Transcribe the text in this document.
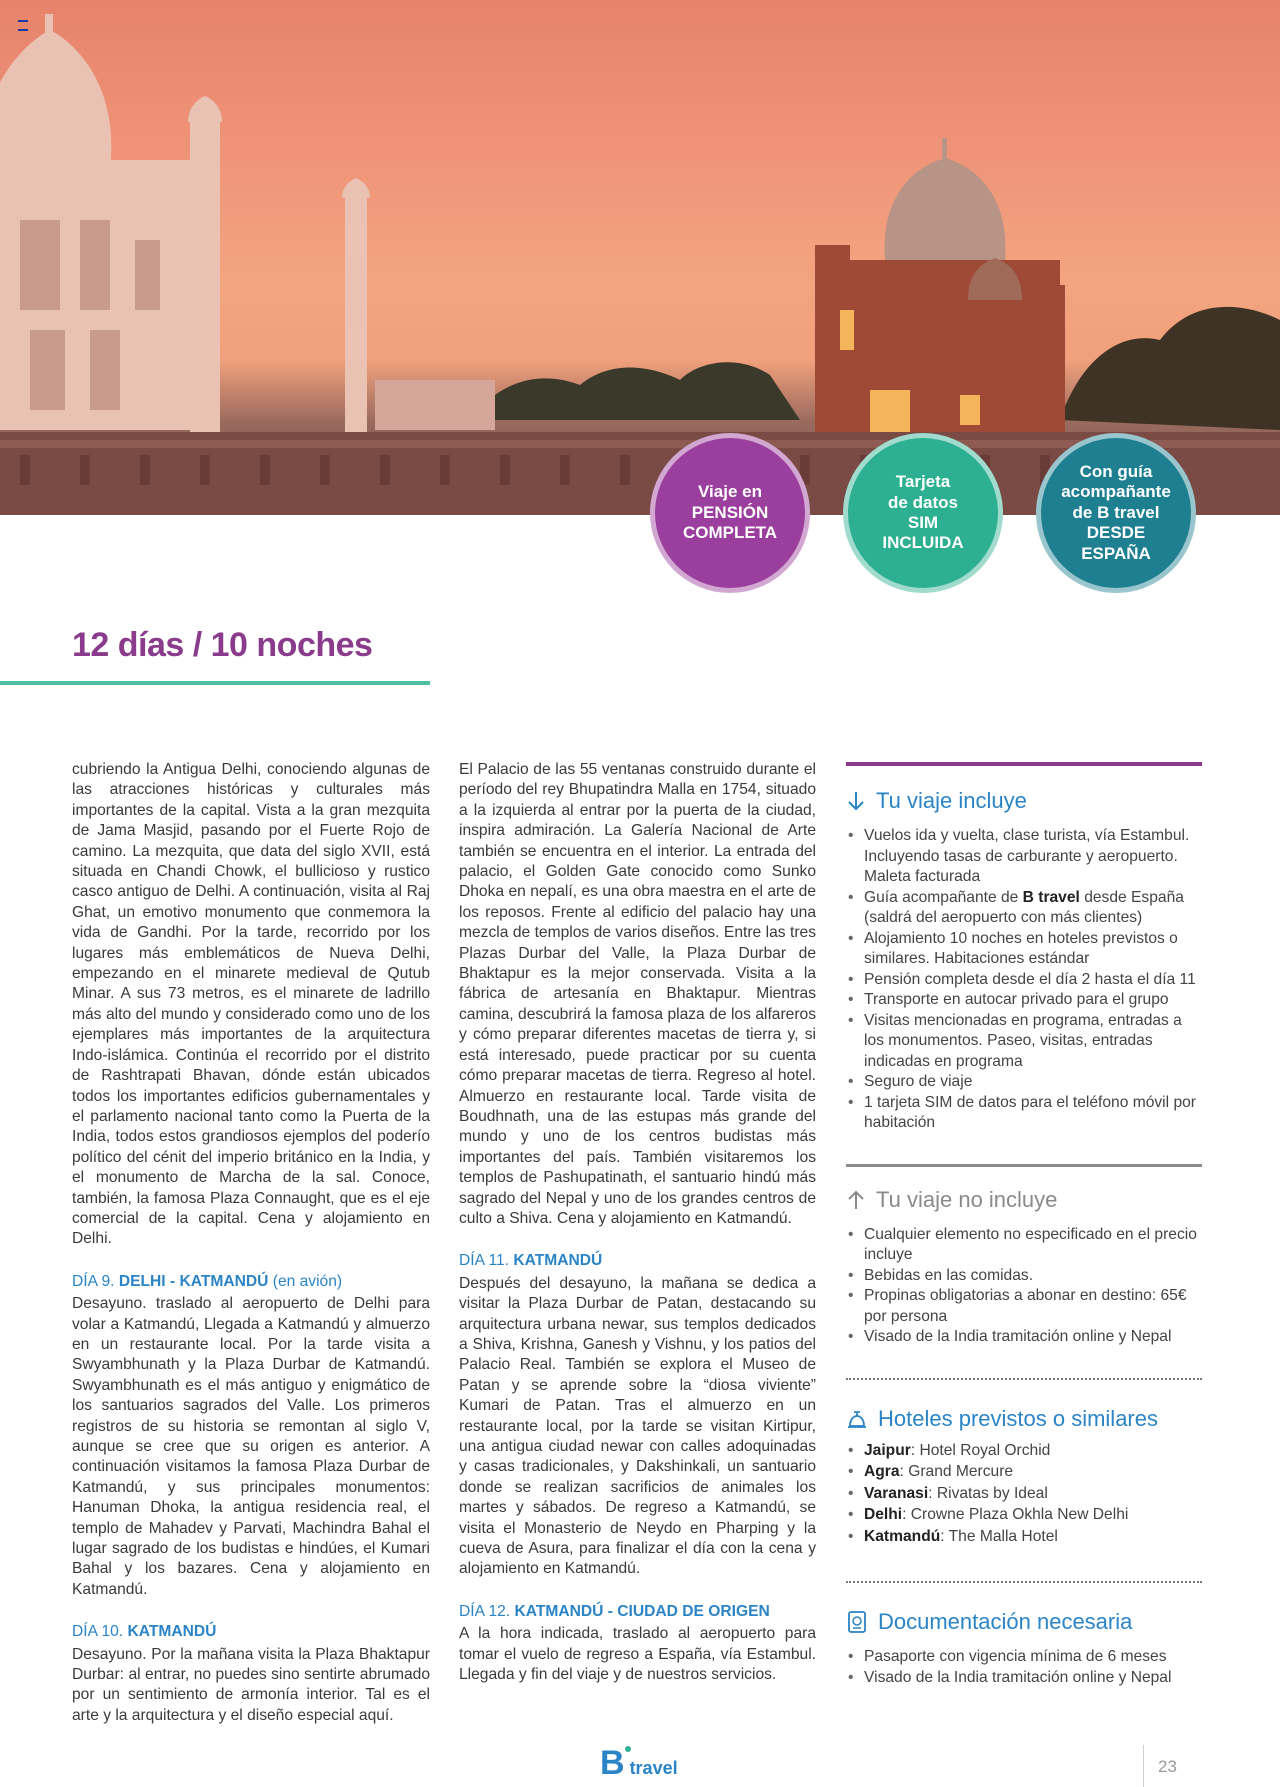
Viaje en
PENSIÓN
COMPLETA
Tarjeta
de datos
SIM
INCLUIDA
Con guía
acompañante
de B travel
DESDE
ESPAÑA
12 días / 10 noches

cubriendo la Antigua Delhi, conociendo algunas de las atracciones históricas y culturales más importantes de la capital. Vista a la gran mezquita de Jama Masjid, pasando por el Fuerte Rojo de camino. La mezquita, que data del siglo XVII, está situada en Chandi Chowk, el bullicioso y rustico casco antiguo de Delhi. A continuación, visita al Raj Ghat, un emotivo monumento que conmemora la vida de Gandhi. Por la tarde, recorrido por los lugares más emblemáticos de Nueva Delhi, empezando en el minarete medieval de Qutub Minar. A sus 73 metros, es el minarete de ladrillo más alto del mundo y considerado como uno de los ejemplares más importantes de la arquitectura Indo-islámica. Continúa el recorrido por el distrito de Rashtrapati Bhavan, dónde están ubicados todos los importantes edificios gubernamentales y el parlamento nacional tanto como la Puerta de la India, todos estos grandiosos ejemplos del poderío político del cénit del imperio británico en la India, y el monumento de Marcha de la sal. Conoce, también, la famosa Plaza Connaught, que es el eje comercial de la capital. Cena y alojamiento en Delhi.

DÍA 9. DELHI - KATMANDÚ (en avión)

Desayuno. traslado al aeropuerto de Delhi para volar a Katmandú, Llegada a Katmandú y almuerzo en un restaurante local. Por la tarde visita a Swyambhunath y la Plaza Durbar de Katmandú. Swyambhunath es el más antiguo y enigmático de los santuarios sagrados del Valle. Los primeros registros de su historia se remontan al siglo V, aunque se cree que su origen es anterior. A continuación visitamos la famosa Plaza Durbar de Katmandú, y sus principales monumentos: Hanuman Dhoka, la antigua residencia real, el templo de Mahadev y Parvati, Machindra Bahal el lugar sagrado de los budistas e hindúes, el Kumari Bahal y los bazares. Cena y alojamiento en Katmandú.

DÍA 10. KATMANDÚ

Desayuno. Por la mañana visita la Plaza Bhaktapur Durbar: al entrar, no puedes sino sentirte abrumado por un sentimiento de armonía interior. Tal es el arte y la arquitectura y el diseño especial aquí.

El Palacio de las 55 ventanas construido durante el período del rey Bhupatindra Malla en 1754, situado a la izquierda al entrar por la puerta de la ciudad, inspira admiración. La Galería Nacional de Arte también se encuentra en el interior. La entrada del palacio, el Golden Gate conocido como Sunko Dhoka en nepalí, es una obra maestra en el arte de los reposos. Frente al edificio del palacio hay una mezcla de templos de varios diseños. Entre las tres Plazas Durbar del Valle, la Plaza Durbar de Bhaktapur es la mejor conservada. Visita a la fábrica de artesanía en Bhaktapur. Mientras camina, descubrirá la famosa plaza de los alfareros y cómo preparar diferentes macetas de tierra y, si está interesado, puede practicar por su cuenta cómo preparar macetas de tierra. Regreso al hotel. Almuerzo en restaurante local. Tarde visita de Boudhnath, una de las estupas más grande del mundo y uno de los centros budistas más importantes del país. También visitaremos los templos de Pashupatinath, el santuario hindú más sagrado del Nepal y uno de los grandes centros de culto a Shiva. Cena y alojamiento en Katmandú.

DÍA 11. KATMANDÚ

Después del desayuno, la mañana se dedica a visitar la Plaza Durbar de Patan, destacando su arquitectura urbana newar, sus templos dedicados a Shiva, Krishna, Ganesh y Vishnu, y los patios del Palacio Real. También se explora el Museo de Patan y se aprende sobre la “diosa viviente” Kumari de Patan. Tras el almuerzo en un restaurante local, por la tarde se visitan Kirtipur, una antigua ciudad newar con calles adoquinadas y casas tradicionales, y Dakshinkali, un santuario donde se realizan sacrificios de animales los martes y sábados. De regreso a Katmandú, se visita el Monasterio de Neydo en Pharping y la cueva de Asura, para finalizar el día con la cena y alojamiento en Katmandú.

DÍA 12. KATMANDÚ - CIUDAD DE ORIGEN

A la hora indicada, traslado al aeropuerto para tomar el vuelo de regreso a España, vía Estambul. Llegada y fin del viaje y de nuestros servicios.

Tu viaje incluye
• Vuelos ida y vuelta, clase turista, vía Estambul. Incluyendo tasas de carburante y aeropuerto. Maleta facturada
• Guía acompañante de B travel desde España (saldrá del aeropuerto con más clientes)
• Alojamiento 10 noches en hoteles previstos o similares. Habitaciones estándar
• Pensión completa desde el día 2 hasta el día 11
• Transporte en autocar privado para el grupo
• Visitas mencionadas en programa, entradas a los monumentos. Paseo, visitas, entradas indicadas en programa
• Seguro de viaje
• 1 tarjeta SIM de datos para el teléfono móvil por habitación
Tu viaje no incluye
• Cualquier elemento no especificado en el precio incluye
• Bebidas en las comidas.
• Propinas obligatorias a abonar en destino: 65€ por persona
• Visado de la India tramitación online y Nepal
Hoteles previstos o similares
• Jaipur: Hotel Royal Orchid
• Agra: Grand Mercure
• Varanasi: Rivatas by Ideal
• Delhi: Crowne Plaza Okhla New Delhi
• Katmandú: The Malla Hotel
Documentación necesaria
• Pasaporte con vigencia mínima de 6 meses
• Visado de la India tramitación online y Nepal
B travel	23
